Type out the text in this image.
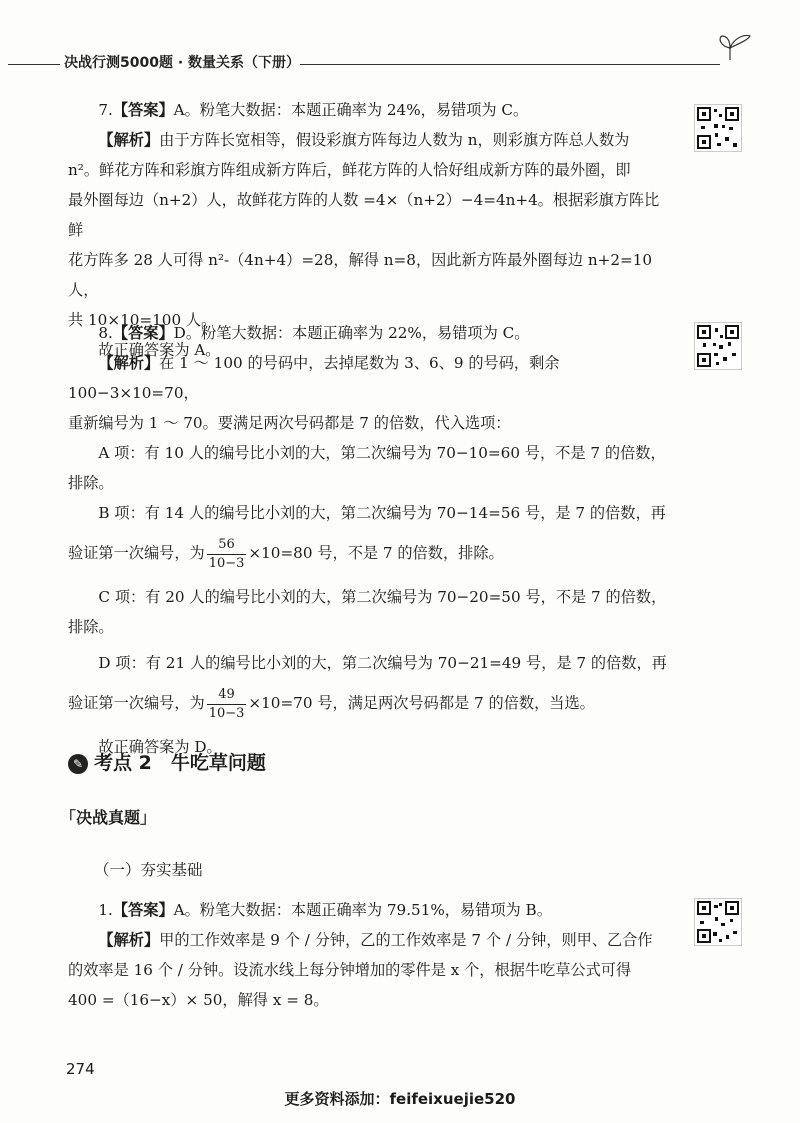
决战行测5000题 · 数量关系（下册）

7.【答案】A。粉笔大数据：本题正确率为 24%，易错项为 C。

【解析】由于方阵长宽相等，假设彩旗方阵每边人数为 n，则彩旗方阵总人数为

n²。鲜花方阵和彩旗方阵组成新方阵后，鲜花方阵的人恰好组成新方阵的最外圈，即

最外圈每边（n+2）人，故鲜花方阵的人数 =4×（n+2）−4=4n+4。根据彩旗方阵比鲜

花方阵多 28 人可得 n²-（4n+4）=28，解得 n=8，因此新方阵最外圈每边 n+2=10 人，

共 10×10=100 人。

故正确答案为 A。

8.【答案】D。粉笔大数据：本题正确率为 22%，易错项为 C。

【解析】在 1 ～ 100 的号码中，去掉尾数为 3、6、9 的号码，剩余 100−3×10=70，

重新编号为 1 ～ 70。要满足两次号码都是 7 的倍数，代入选项：

A 项：有 10 人的编号比小刘的大，第二次编号为 70−10=60 号，不是 7 的倍数，排除。

B 项：有 14 人的编号比小刘的大，第二次编号为 70−14=56 号，是 7 的倍数，再

验证第一次编号，为 $\frac{56}{10-3} \times 10=80$ 号，不是 7 的倍数，排除。

C 项：有 20 人的编号比小刘的大，第二次编号为 70−20=50 号，不是 7 的倍数，

排除。

D 项：有 21 人的编号比小刘的大，第二次编号为 70−21=49 号，是 7 的倍数，再

验证第一次编号，为 $\frac{49}{10-3} \times 10=70$ 号，满足两次号码都是 7 的倍数，当选。

故正确答案为 D。

✎ 考点 2　牛吃草问题
「决战真题」
（一）夯实基础

1.【答案】A。粉笔大数据：本题正确率为 79.51%，易错项为 B。

【解析】甲的工作效率是 9 个 / 分钟，乙的工作效率是 7 个 / 分钟，则甲、乙合作

的效率是 16 个 / 分钟。设流水线上每分钟增加的零件是 x 个，根据牛吃草公式可得

400 =（16−x）× 50，解得 x = 8。

274
更多资料添加：feifeixuejie520
